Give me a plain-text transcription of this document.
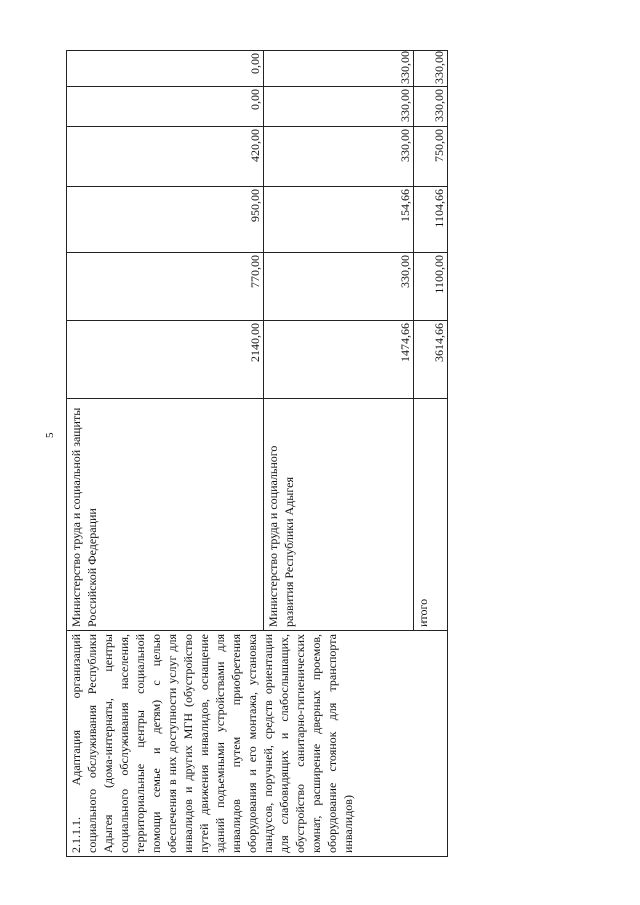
5
2.1.1.1. Адаптация организаций социального обслуживания Республики Адыгея (дома-интернаты, центры социального обслуживания населения, территориальные центры социальной помощи семье и детям) с целью обеспечения в них доступности услуг для инвалидов и других МГН (обустройство путей движения инвалидов, оснащение зданий подъемными устройствами для инвалидов путем приобретения оборудования и его монтажа, установка пандусов, поручней, средств ориентации для слабовидящих и слабослышащих, обустройство санитарно-гигиенических комнат, расширение дверных проемов, оборудование стоянок для транспорта инвалидов)	Министерство труда и социальной защиты Российской Федерации	2140,00	770,00	950,00	420,00	0,00	0,00
	Министерство труда и социального развития Республики Адыгея	1474,66	330,00	154,66	330,00	330,00	330,00
	итого	3614,66	1100,00	1104,66	750,00	330,00	330,00
